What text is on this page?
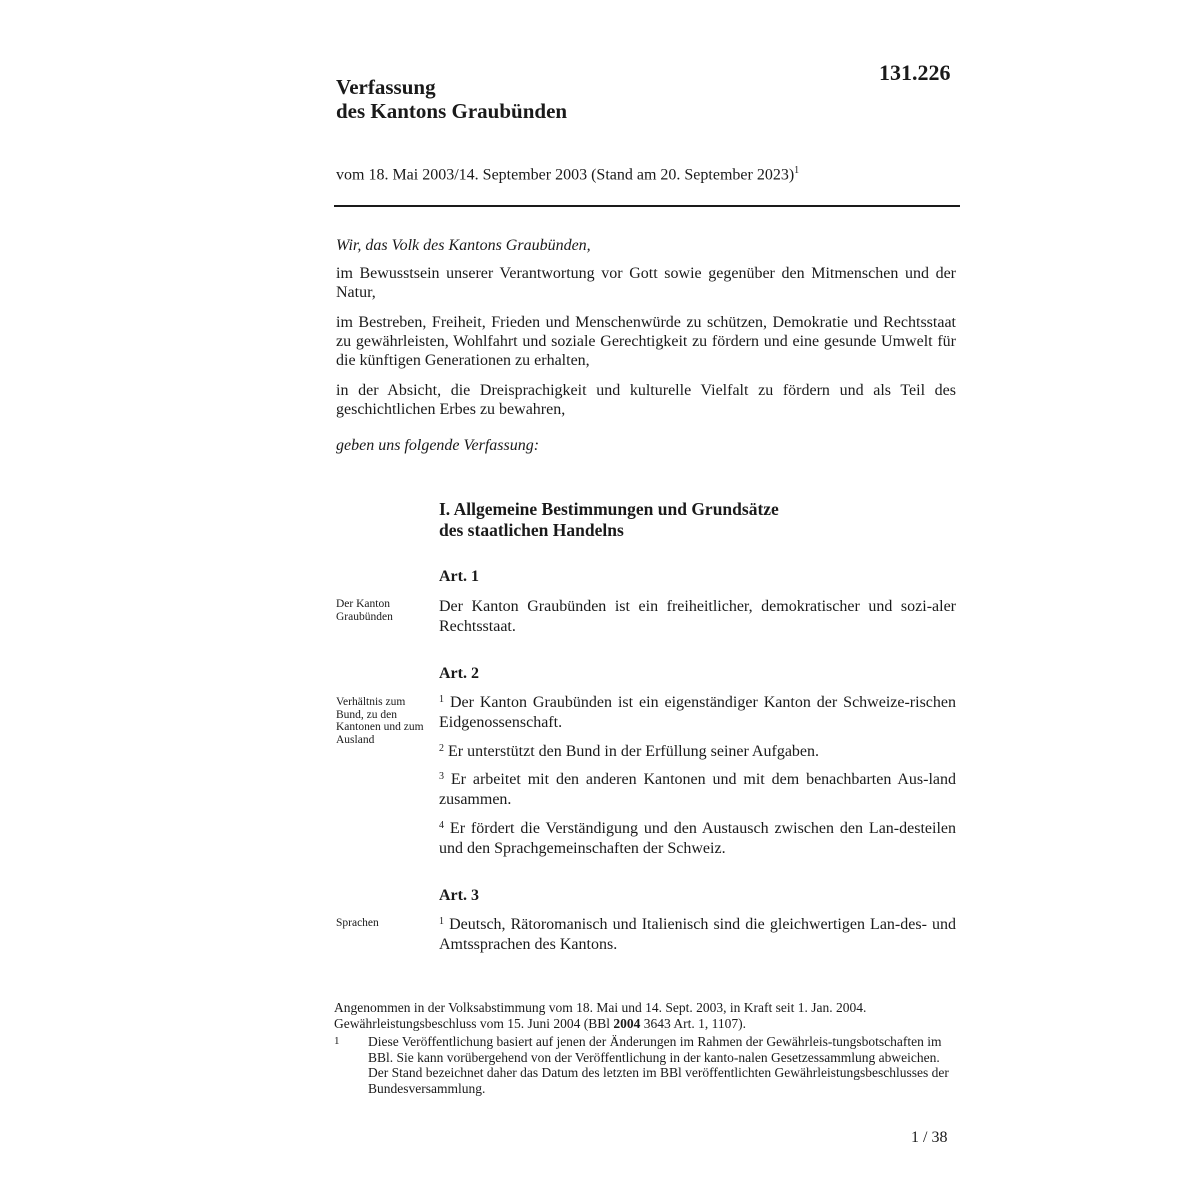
131.226
Verfassung
des Kantons Graubünden
vom 18. Mai 2003/14. September 2003 (Stand am 20. September 2023)$^1$
Wir, das Volk des Kantons Graubünden,
im Bewusstsein unserer Verantwortung vor Gott sowie gegenüber den Mitmenschen und der Natur,
im Bestreben, Freiheit, Frieden und Menschenwürde zu schützen, Demokratie und Rechtsstaat zu gewährleisten, Wohlfahrt und soziale Gerechtigkeit zu fördern und eine gesunde Umwelt für die künftigen Generationen zu erhalten,
in der Absicht, die Dreisprachigkeit und kulturelle Vielfalt zu fördern und als Teil des geschichtlichen Erbes zu bewahren,
geben uns folgende Verfassung:
I. Allgemeine Bestimmungen und Grundsätze
des staatlichen Handelns
Art. 1
Der Kanton Graubünden
Der Kanton Graubünden ist ein freiheitlicher, demokratischer und sozi-aler Rechtsstaat.
Art. 2
Verhältnis zum Bund, zu den Kantonen und zum Ausland
$^1$ Der Kanton Graubünden ist ein eigenständiger Kanton der Schweize-rischen Eidgenossenschaft.
$^2$ Er unterstützt den Bund in der Erfüllung seiner Aufgaben.
$^3$ Er arbeitet mit den anderen Kantonen und mit dem benachbarten Aus-land zusammen.
$^4$ Er fördert die Verständigung und den Austausch zwischen den Lan-desteilen und den Sprachgemeinschaften der Schweiz.
Art. 3
Sprachen	$^1$ Deutsch, Rätoromanisch und Italienisch sind die gleichwertigen Lan-des- und Amtssprachen des Kantons.
Angenommen in der Volksabstimmung vom 18. Mai und 14. Sept. 2003, in Kraft seit 1. Jan. 2004. Gewährleistungsbeschluss vom 15. Juni 2004 (BBl 2004 3643 Art. 1, 1107).
1 Diese Veröffentlichung basiert auf jenen der Änderungen im Rahmen der Gewährleis-tungsbotschaften im BBl. Sie kann vorübergehend von der Veröffentlichung in der kanto-nalen Gesetzessammlung abweichen. Der Stand bezeichnet daher das Datum des letzten im BBl veröffentlichten Gewährleistungsbeschlusses der Bundesversammlung.
1 / 38
